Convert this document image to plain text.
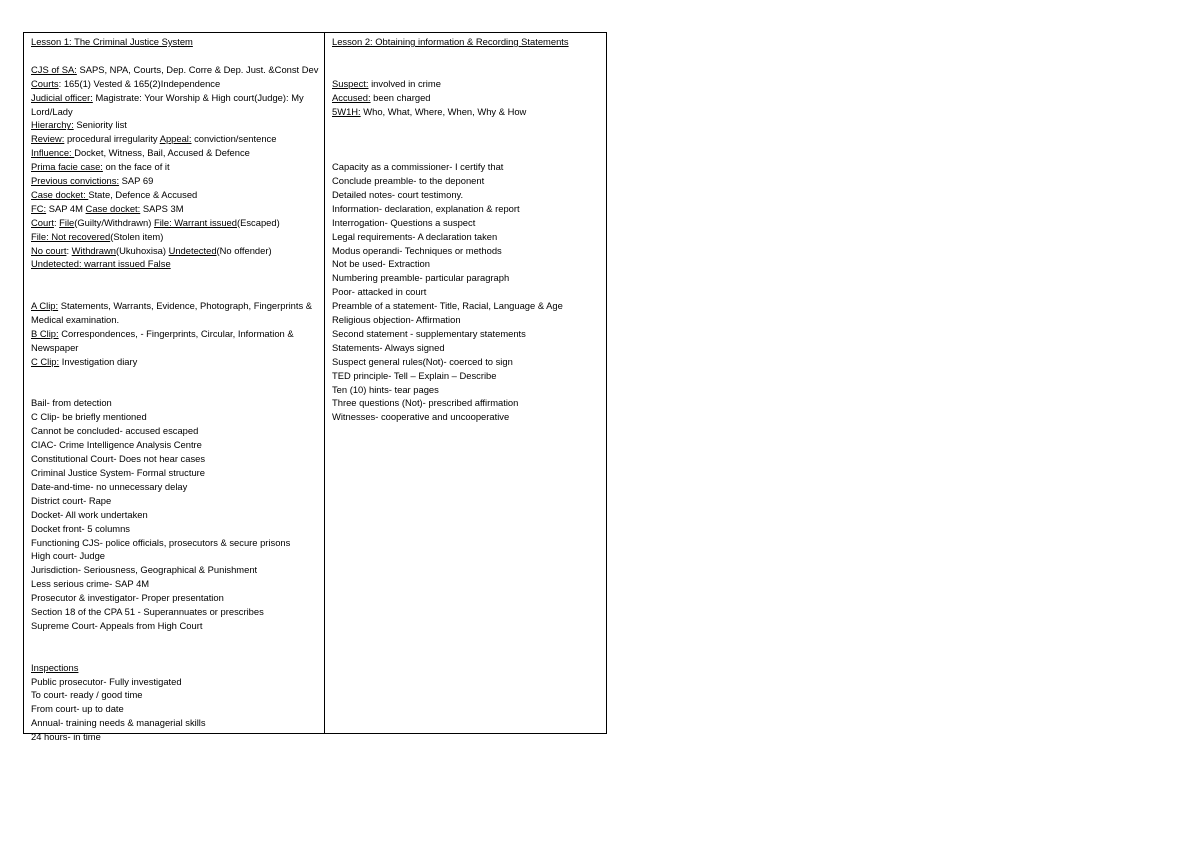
Lesson 1: The Criminal Justice System
CJS of SA: SAPS, NPA, Courts, Dep. Corre & Dep. Just. &Const Dev
Courts: 165(1) Vested & 165(2)Independence
Judicial officer: Magistrate: Your Worship & High court(Judge): My Lord/Lady
Hierarchy: Seniority list
Review: procedural irregularity Appeal: conviction/sentence
Influence: Docket, Witness, Bail, Accused & Defence
Prima facie case: on the face of it
Previous convictions: SAP 69
Case docket: State, Defence & Accused
FC: SAP 4M Case docket: SAPS 3M
Court: File(Guilty/Withdrawn) File: Warrant issued(Escaped)
File: Not recovered(Stolen item)
No court: Withdrawn(Ukuhoxisa) Undetected(No offender)
Undetected: warrant issued False
A Clip: Statements, Warrants, Evidence, Photograph, Fingerprints & Medical examination.
B Clip: Correspondences, - Fingerprints, Circular, Information & Newspaper
C Clip: Investigation diary
Bail- from detection
C Clip- be briefly mentioned
Cannot be concluded- accused escaped
CIAC- Crime Intelligence Analysis Centre
Constitutional Court- Does not hear cases
Criminal Justice System- Formal structure
Date-and-time- no unnecessary delay
District court- Rape
Docket- All work undertaken
Docket front- 5 columns
Functioning CJS- police officials, prosecutors & secure prisons
High court- Judge
Jurisdiction- Seriousness, Geographical & Punishment
Less serious crime- SAP 4M
Prosecutor & investigator- Proper presentation
Section 18 of the CPA 51 - Superannuates or prescribes
Supreme Court- Appeals from High Court
Inspections
Public prosecutor- Fully investigated
To court- ready / good time
From court- up to date
Annual- training needs & managerial skills
24 hours- in time
Lesson 2: Obtaining information & Recording Statements
Suspect: involved in crime
Accused: been charged
5W1H: Who, What, Where, When, Why & How
Capacity as a commissioner- I certify that
Conclude preamble- to the deponent
Detailed notes- court testimony.
Information- declaration, explanation & report
Interrogation- Questions a suspect
Legal requirements- A declaration taken
Modus operandi- Techniques or methods
Not be used- Extraction
Numbering preamble- particular paragraph
Poor- attacked in court
Preamble of a statement- Title, Racial, Language & Age
Religious objection- Affirmation
Second statement - supplementary statements
Statements- Always signed
Suspect general rules(Not)- coerced to sign
TED principle- Tell – Explain – Describe
Ten (10) hints- tear pages
Three questions (Not)- prescribed affirmation
Witnesses- cooperative and uncooperative
